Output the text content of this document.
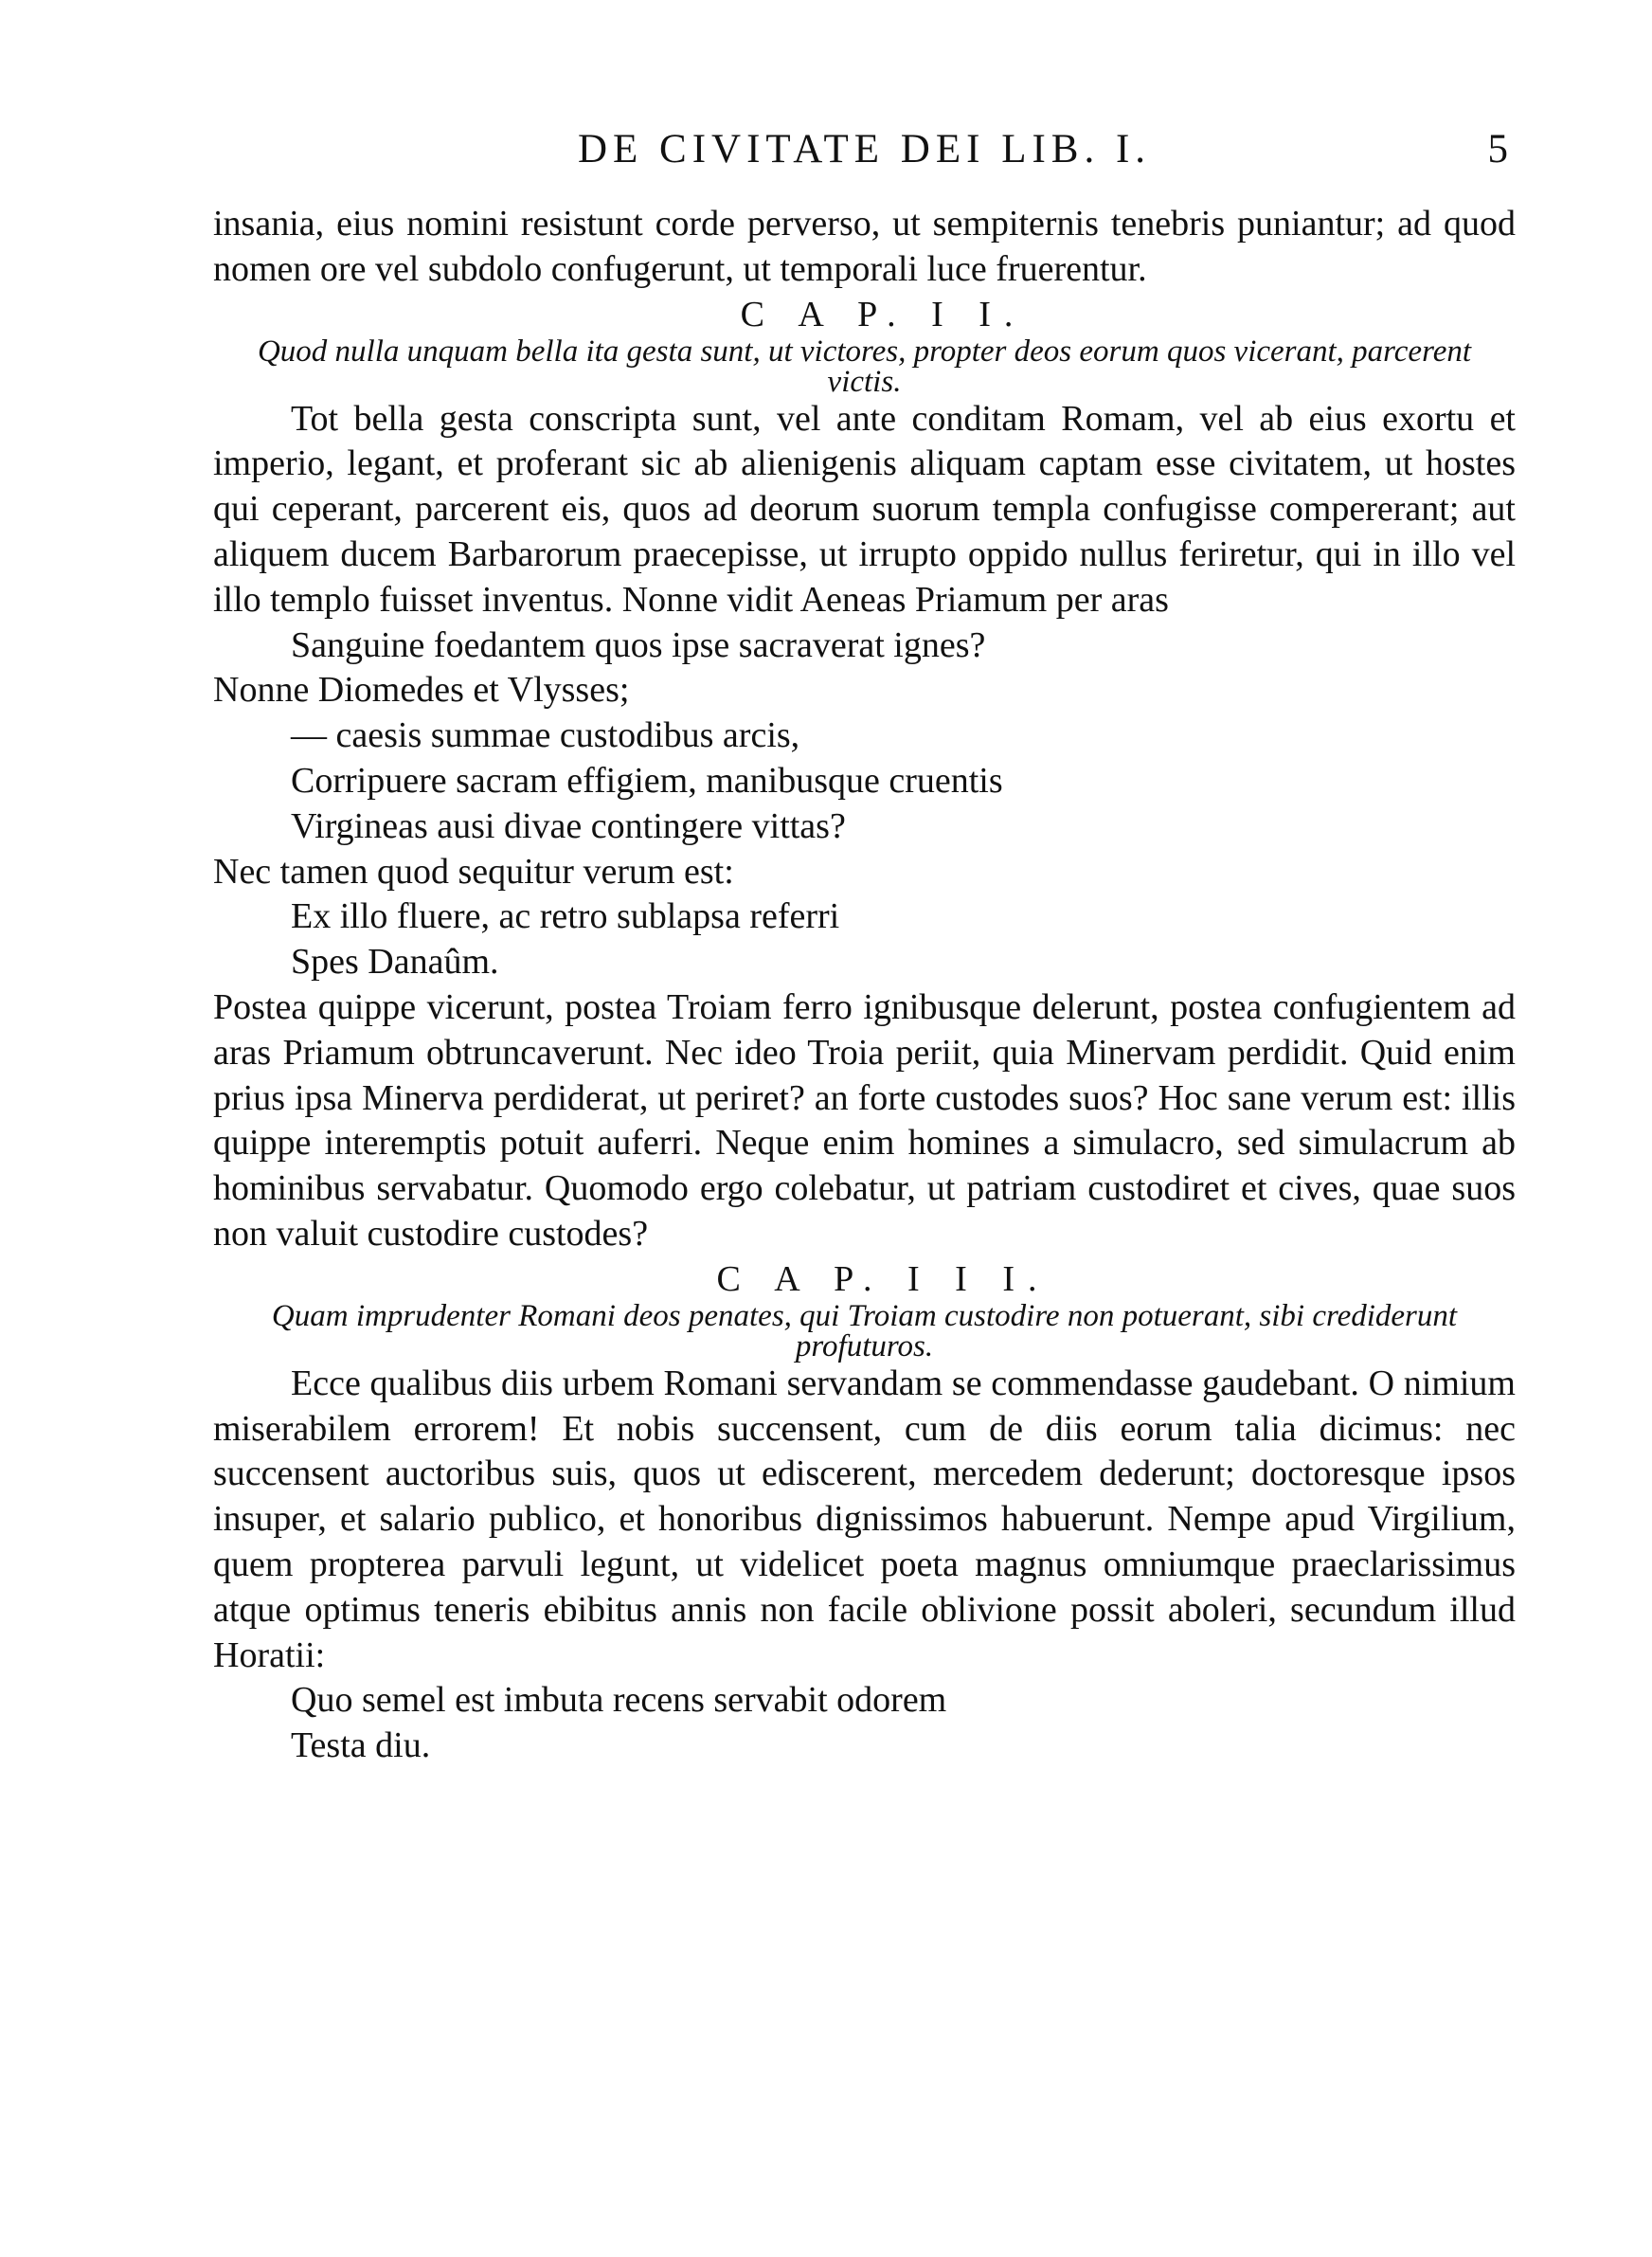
DE CIVITATE DEI LIB. I.	5

insania, eius nomini resistunt corde perverso, ut sempiternis tenebris puniantur; ad quod nomen ore vel subdolo confugerunt, ut temporali luce fruerentur.

C A P. I I.

Quod nulla unquam bella ita gesta sunt, ut victores, propter deos eorum quos vicerant, parcerent victis.

Tot bella gesta conscripta sunt, vel ante conditam Romam, vel ab eius exortu et imperio, legant, et proferant sic ab alienigenis aliquam captam esse civitatem, ut hostes qui ceperant, parcerent eis, quos ad deorum suorum templa confugisse compererant; aut aliquem ducem Barbarorum praecepisse, ut irrupto oppido nullus feriretur, qui in illo vel illo templo fuisset inventus. Nonne vidit Aeneas Priamum per aras

Sanguine foedantem quos ipse sacraverat ignes?

Nonne Diomedes et Vlysses;

— caesis summae custodibus arcis,
Corripuere sacram effigiem, manibusque cruentis
Virgineas ausi divae contingere vittas?

Nec tamen quod sequitur verum est:

Ex illo fluere, ac retro sublapsa referri
Spes Danaûm.

Postea quippe vicerunt, postea Troiam ferro ignibusque delerunt, postea confugientem ad aras Priamum obtruncaverunt. Nec ideo Troia periit, quia Minervam perdidit. Quid enim prius ipsa Minerva perdiderat, ut periret? an forte custodes suos? Hoc sane verum est: illis quippe interemptis potuit auferri. Neque enim homines a simulacro, sed simulacrum ab hominibus servabatur. Quomodo ergo colebatur, ut patriam custodiret et cives, quae suos non valuit custodire custodes?

C A P. I I I.

Quam imprudenter Romani deos penates, qui Troiam custodire non potuerant, sibi crediderunt profuturos.

Ecce qualibus diis urbem Romani servandam se commendasse gaudebant. O nimium miserabilem errorem! Et nobis succensent, cum de diis eorum talia dicimus: nec succensent auctoribus suis, quos ut ediscerent, mercedem dederunt; doctoresque ipsos insuper, et salario publico, et honoribus dignissimos habuerunt. Nempe apud Virgilium, quem propterea parvuli legunt, ut videlicet poeta magnus omniumque praeclarissimus atque optimus teneris ebibitus annis non facile oblivione possit aboleri, secundum illud Horatii:

Quo semel est imbuta recens servabit odorem
Testa diu.
